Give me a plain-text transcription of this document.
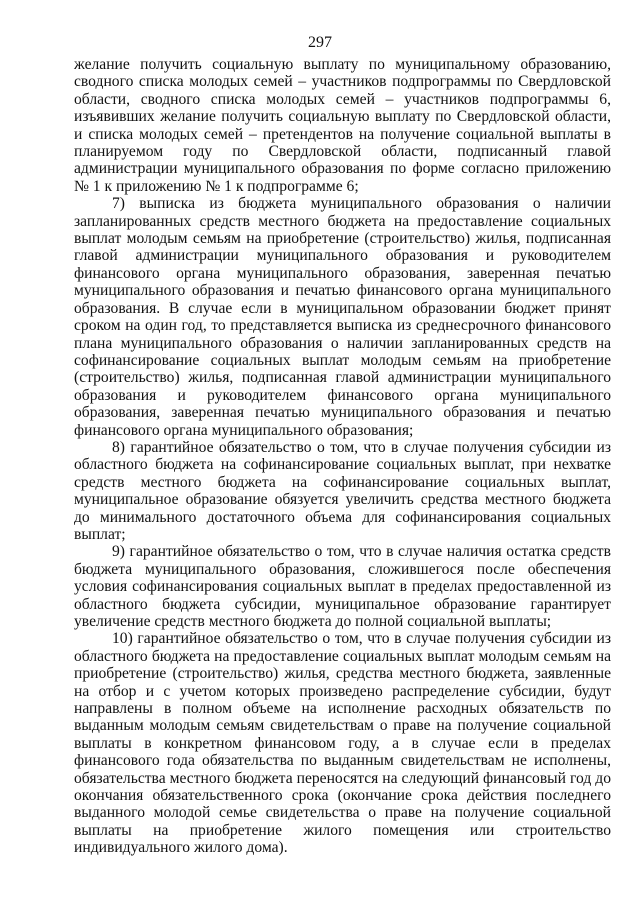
297

желание получить социальную выплату по муниципальному образованию, сводного списка молодых семей – участников подпрограммы по Свердловской области, сводного списка молодых семей – участников подпрограммы 6, изъявивших желание получить социальную выплату по Свердловской области, и списка молодых семей – претендентов на получение социальной выплаты в планируемом году по Свердловской области, подписанный главой администрации муниципального образования по форме согласно приложению № 1 к приложению № 1 к подпрограмме 6;

7) выписка из бюджета муниципального образования о наличии запланированных средств местного бюджета на предоставление социальных выплат молодым семьям на приобретение (строительство) жилья, подписанная главой администрации муниципального образования и руководителем финансового органа муниципального образования, заверенная печатью муниципального образования и печатью финансового органа муниципального образования. В случае если в муниципальном образовании бюджет принят сроком на один год, то представляется выписка из среднесрочного финансового плана муниципального образования о наличии запланированных средств на софинансирование социальных выплат молодым семьям на приобретение (строительство) жилья, подписанная главой администрации муниципального образования и руководителем финансового органа муниципального образования, заверенная печатью муниципального образования и печатью финансового органа муниципального образования;

8) гарантийное обязательство о том, что в случае получения субсидии из областного бюджета на софинансирование социальных выплат, при нехватке средств местного бюджета на софинансирование социальных выплат, муниципальное образование обязуется увеличить средства местного бюджета до минимального достаточного объема для софинансирования социальных выплат;

9) гарантийное обязательство о том, что в случае наличия остатка средств бюджета муниципального образования, сложившегося после обеспечения условия софинансирования социальных выплат в пределах предоставленной из областного бюджета субсидии, муниципальное образование гарантирует увеличение средств местного бюджета до полной социальной выплаты;

10) гарантийное обязательство о том, что в случае получения субсидии из областного бюджета на предоставление социальных выплат молодым семьям на приобретение (строительство) жилья, средства местного бюджета, заявленные на отбор и с учетом которых произведено распределение субсидии, будут направлены в полном объеме на исполнение расходных обязательств по выданным молодым семьям свидетельствам о праве на получение социальной выплаты в конкретном финансовом году, а в случае если в пределах финансового года обязательства по выданным свидетельствам не исполнены, обязательства местного бюджета переносятся на следующий финансовый год до окончания обязательственного срока (окончание срока действия последнего выданного молодой семье свидетельства о праве на получение социальной выплаты на приобретение жилого помещения или строительство индивидуального жилого дома).
